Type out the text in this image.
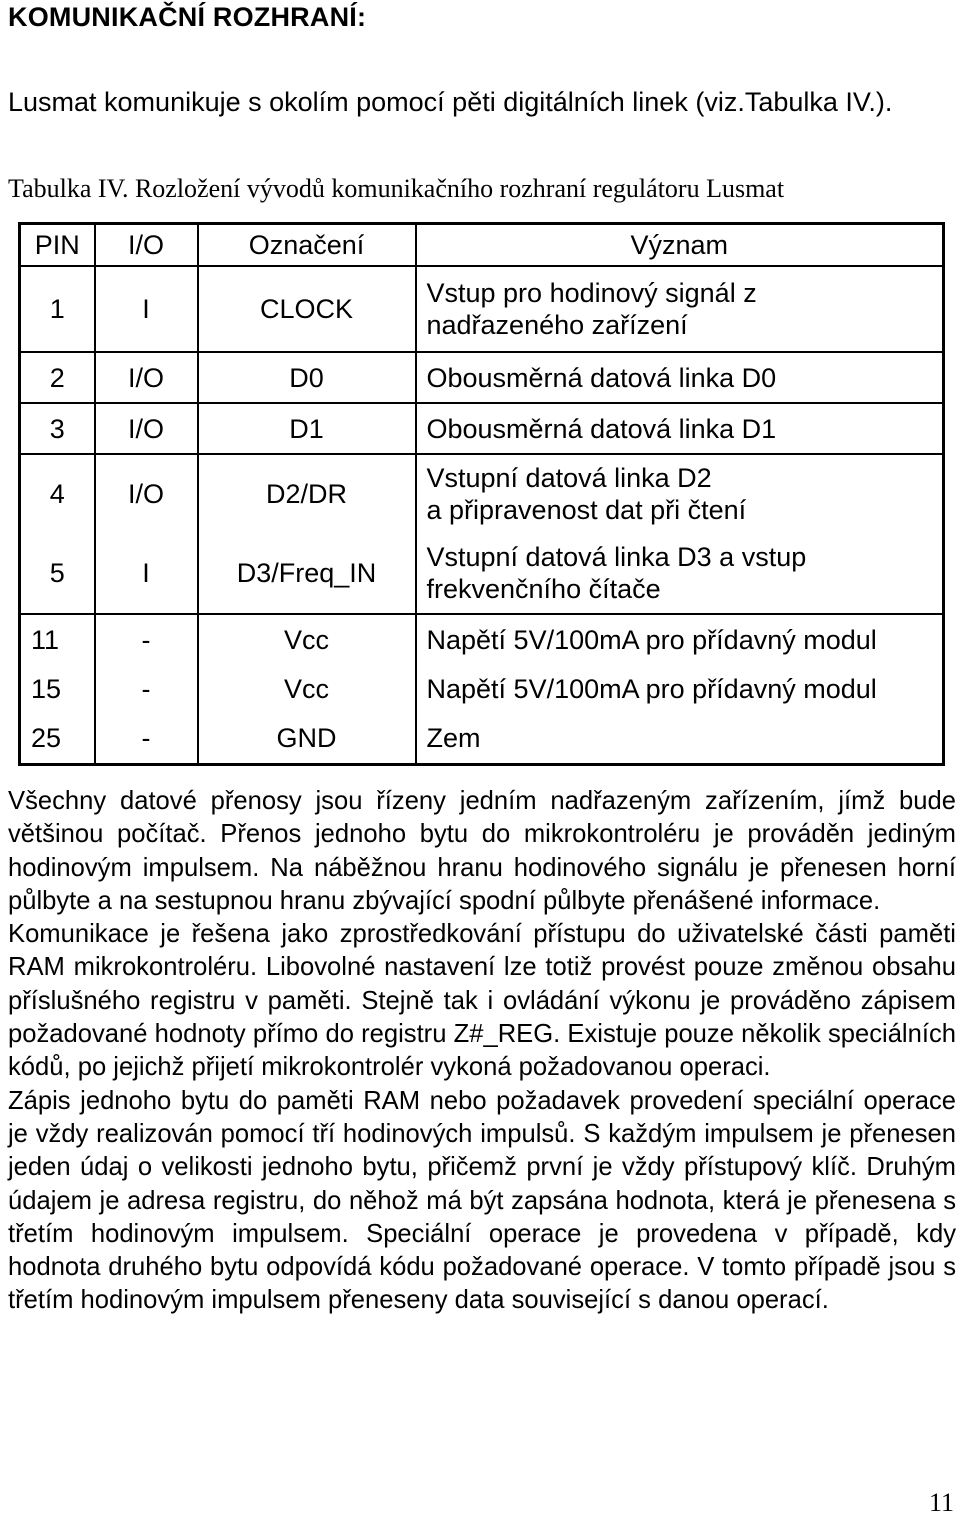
KOMUNIKAČNÍ ROZHRANÍ:
Lusmat komunikuje s okolím pomocí pěti digitálních linek (viz.Tabulka IV.).
Tabulka IV. Rozložení vývodů komunikačního rozhraní regulátoru Lusmat
PIN	I/O	Označení	Význam
1	I	CLOCK	Vstup pro hodinový signál z
nadřazeného zařízení

2	I/O	D0	Obousměrná datová linka D0

3	I/O	D1	Obousměrná datová linka D1

4	I/O	D2/DR	Vstupní datová linka D2
a připravenost dat při čtení

5	I	D3/Freq_IN	Vstupní datová linka D3 a vstup
frekvenčního čítače

11	-	Vcc	Napětí 5V/100mA pro přídavný modul

15	-	Vcc	Napětí 5V/100mA pro přídavný modul

25	-	GND	Zem

Všechny datové přenosy jsou řízeny jedním nadřazeným zařízením, jímž bude většinou počítač. Přenos jednoho bytu do mikrokontroléru je prováděn jediným hodinovým impulsem. Na náběžnou hranu hodinového signálu je přenesen horní půlbyte a na sestupnou hranu zbývající spodní půlbyte přenášené informace.

Komunikace je řešena jako zprostředkování přístupu do uživatelské části paměti RAM mikrokontroléru. Libovolné nastavení lze totiž provést pouze změnou obsahu příslušného registru v paměti. Stejně tak i ovládání výkonu je prováděno zápisem požadované hodnoty přímo do registru Z#_REG. Existuje pouze několik speciálních kódů, po jejichž přijetí mikrokontrolér vykoná požadovanou operaci.

Zápis jednoho bytu do paměti RAM nebo požadavek provedení speciální operace je vždy realizován pomocí tří hodinových impulsů. S každým impulsem je přenesen jeden údaj o velikosti jednoho bytu, přičemž první je vždy přístupový klíč. Druhým údajem je adresa registru, do něhož má být zapsána hodnota, která je přenesena s třetím hodinovým impulsem. Speciální operace je provedena v případě, kdy hodnota druhého bytu odpovídá kódu požadované operace. V tomto případě jsou s třetím hodinovým impulsem přeneseny data související s danou operací.

11
